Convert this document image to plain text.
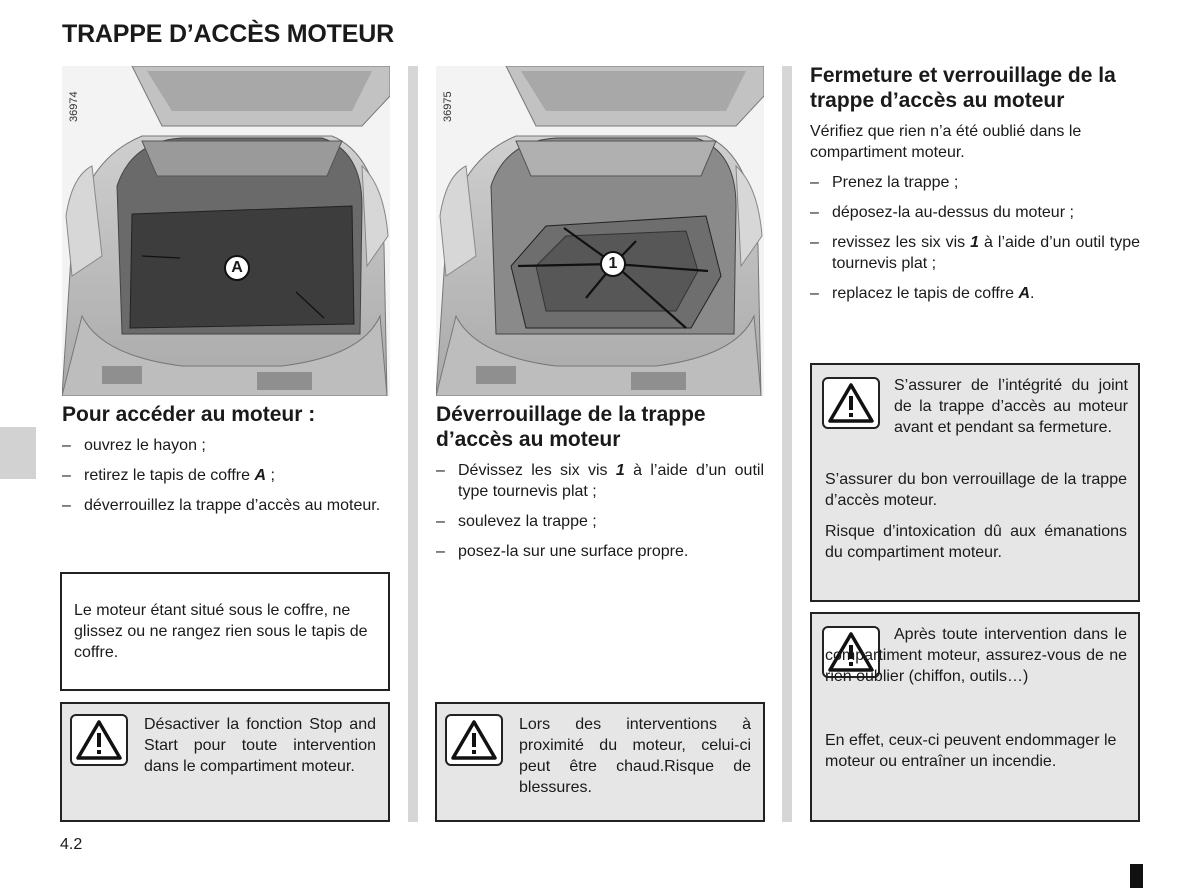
TRAPPE D’ACCÈS MOTEUR
36974
A
Pour accéder au moteur :
– ouvrez le hayon ;
– retirez le tapis de coffre A ;
– déverrouillez la trappe d’accès au moteur.

Le moteur étant situé sous le coffre, ne glissez ou ne rangez rien sous le tapis de coffre.

Désactiver la fonction Stop and Start pour toute intervention dans le compartiment moteur.

36975
1
Déverrouillage de la trappe d’accès au moteur
– Dévissez les six vis 1 à l’aide d’un outil type tournevis plat ;
– soulevez la trappe ;
– posez-la sur une surface propre.

Lors des interventions à proximité du moteur, celui-ci peut être chaud.Risque de blessures.

Fermeture et verrouillage de la trappe d’accès au moteur

Vérifiez que rien n’a été oublié dans le compartiment moteur.

– Prenez la trappe ;
– déposez-la au-dessus du moteur ;
– revissez les six vis 1 à l’aide d’un outil type tournevis plat ;
– replacez le tapis de coffre A.

S’assurer de l’intégrité du joint de la trappe d’accès au moteur avant et pendant sa fermeture.

S’assurer du bon verrouillage de la trappe d’accès moteur.

Risque d’intoxication dû aux émanations du compartiment moteur.

Après toute intervention dans le compartiment moteur, assurez-vous de ne rien oublier (chiffon, outils…)

En effet, ceux-ci peuvent endommager le moteur ou entraîner un incendie.

4.2
